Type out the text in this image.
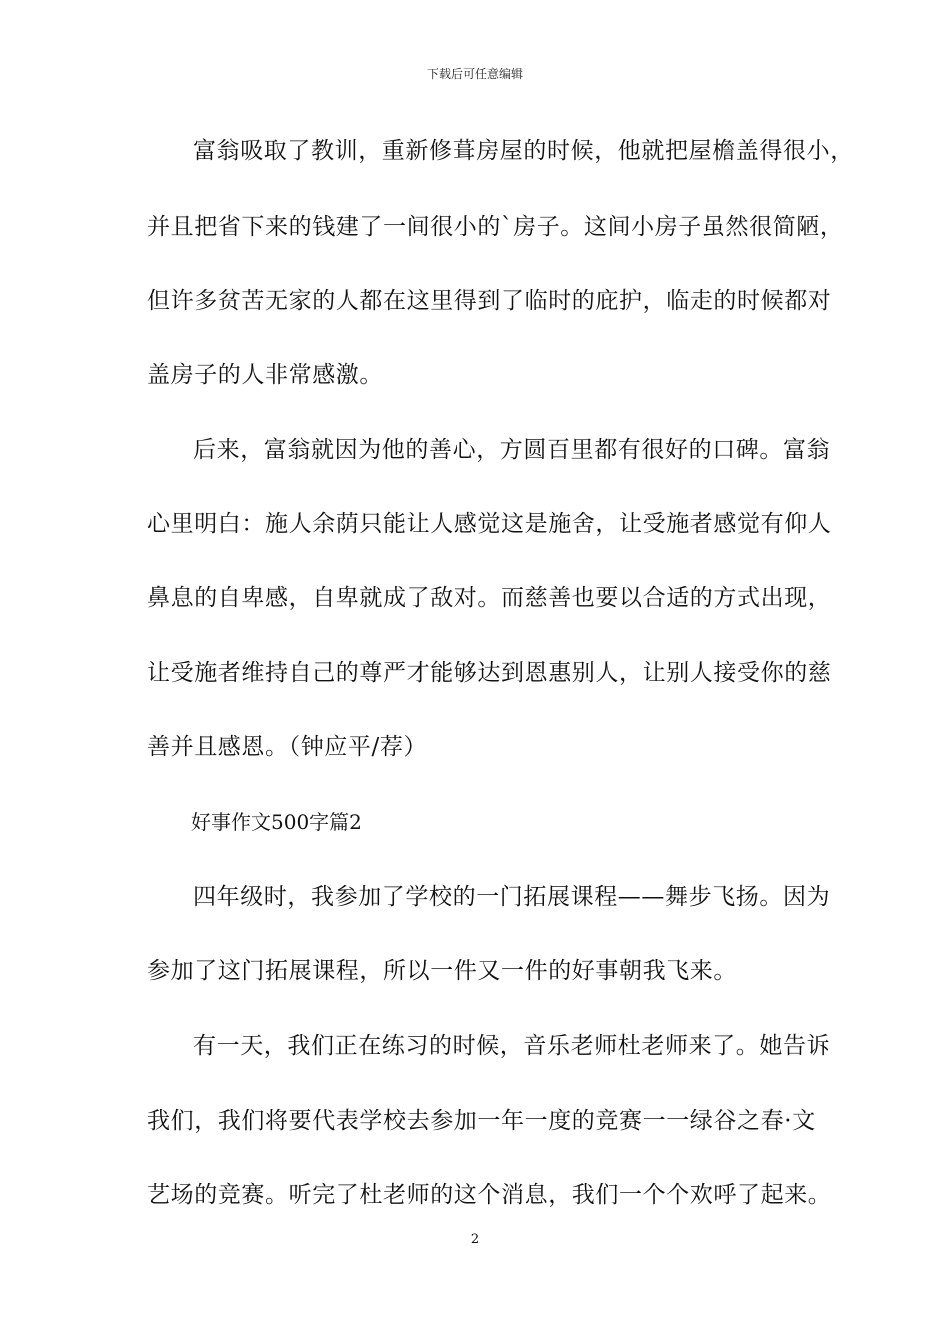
下载后可任意编辑
富翁吸取了教训，重新修葺房屋的时候，他就把屋檐盖得很小，
并且把省下来的钱建了一间很小的`房子。这间小房子虽然很简陋，
但许多贫苦无家的人都在这里得到了临时的庇护，临走的时候都对
盖房子的人非常感激。
后来，富翁就因为他的善心，方圆百里都有很好的口碑。富翁
心里明白：施人余荫只能让人感觉这是施舍，让受施者感觉有仰人
鼻息的自卑感，自卑就成了敌对。而慈善也要以合适的方式出现，
让受施者维持自己的尊严才能够达到恩惠别人，让别人接受你的慈
善并且感恩。（钟应平/荐）
好事作文500字篇2
四年级时，我参加了学校的一门拓展课程——舞步飞扬。因为
参加了这门拓展课程，所以一件又一件的好事朝我飞来。
有一天，我们正在练习的时候，音乐老师杜老师来了。她告诉
我们，我们将要代表学校去参加一年一度的竞赛一一绿谷之春·文
艺场的竞赛。听完了杜老师的这个消息，我们一个个欢呼了起来。
2
